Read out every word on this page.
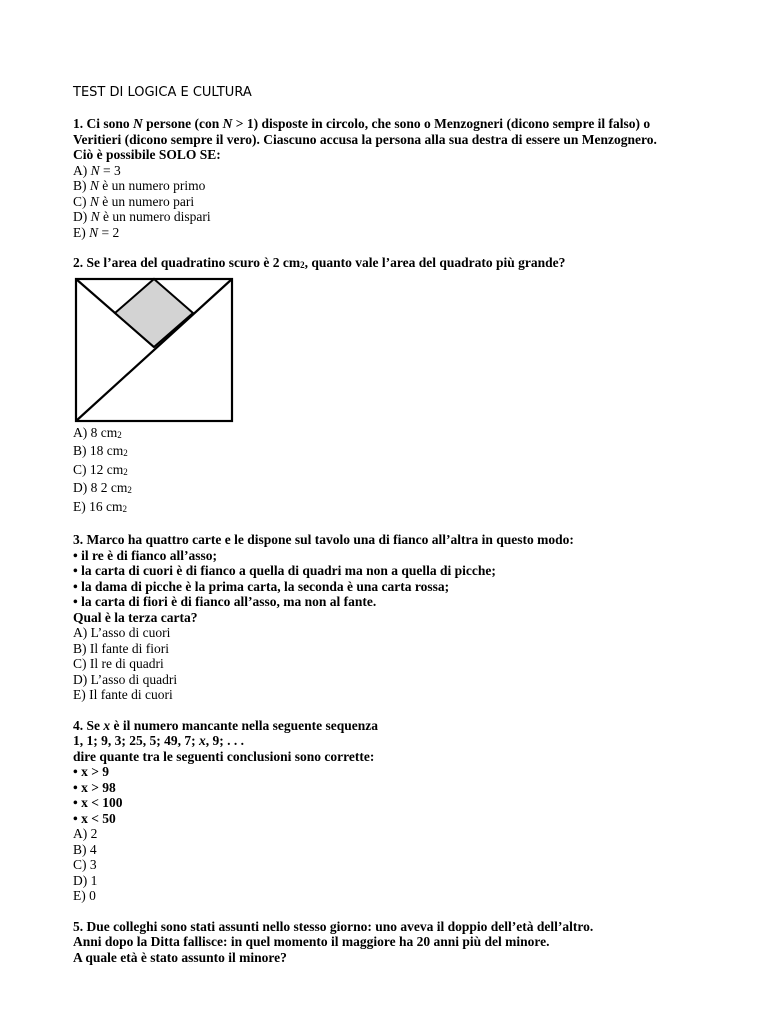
TEST DI LOGICA E CULTURA
1. Ci sono N persone (con N > 1) disposte in circolo, che sono o Menzogneri (dicono sempre il falso) o
Veritieri (dicono sempre il vero). Ciascuno accusa la persona alla sua destra di essere un Menzognero.
Ciò è possibile SOLO SE:
A) N = 3
B) N è un numero primo
C) N è un numero pari
D) N è un numero dispari
E) N = 2
2. Se l’area del quadratino scuro è 2 $cm_2$, quanto vale l’area del quadrato più grande?
A) 8 $cm_2$
B) 18 $cm_2$
C) 12 $cm_2$
D) 8 2 $cm_2$
E) 16 $cm_2$
3. Marco ha quattro carte e le dispone sul tavolo una di fianco all’altra in questo modo:
• il re è di fianco all’asso;
• la carta di cuori è di fianco a quella di quadri ma non a quella di picche;
• la dama di picche è la prima carta, la seconda è una carta rossa;
• la carta di fiori è di fianco all’asso, ma non al fante.
Qual è la terza carta?
A) L’asso di cuori
B) Il fante di fiori
C) Il re di quadri
D) L’asso di quadri
E) Il fante di cuori
4. Se x è il numero mancante nella seguente sequenza
1, 1; 9, 3; 25, 5; 49, 7; x, 9; . . .
dire quante tra le seguenti conclusioni sono corrette:
• x > 9
• x > 98
• x < 100
• x < 50
A) 2
B) 4
C) 3
D) 1
E) 0
5. Due colleghi sono stati assunti nello stesso giorno: uno aveva il doppio dell’età dell’altro.
Anni dopo la Ditta fallisce: in quel momento il maggiore ha 20 anni più del minore.
A quale età è stato assunto il minore?
